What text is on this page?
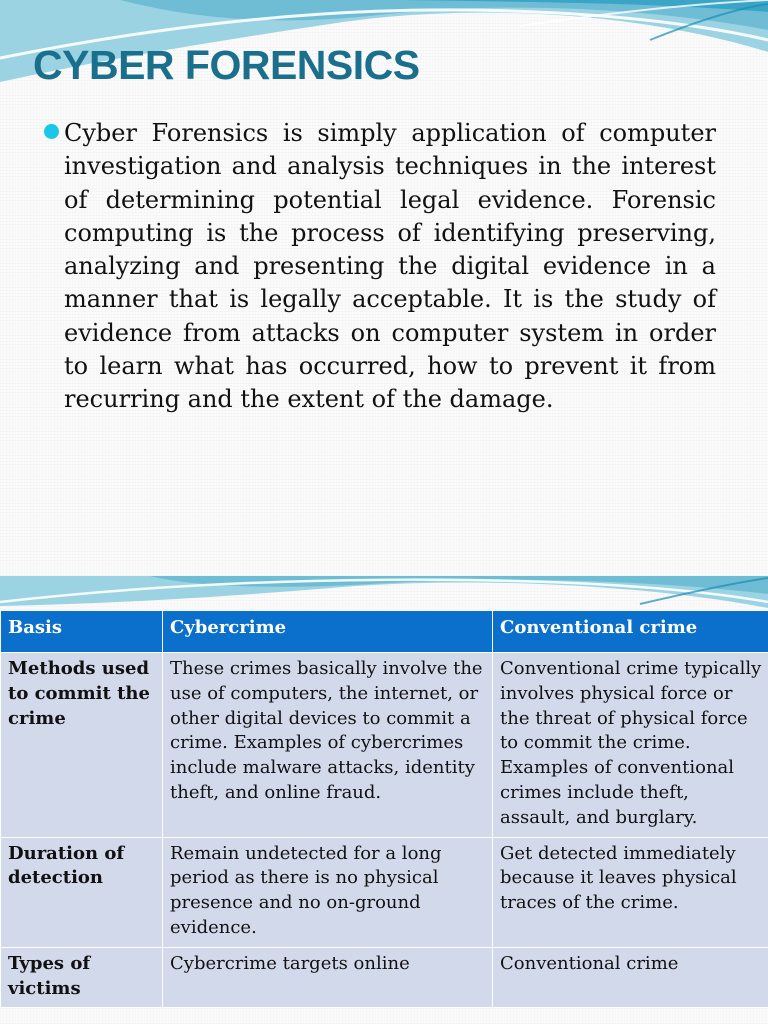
CYBER FORENSICS

Cyber Forensics is simply application of computer investigation and analysis techniques in the interest of determining potential legal evidence. Forensic computing is the process of identifying preserving, analyzing and presenting the digital evidence in a manner that is legally acceptable. It is the study of evidence from attacks on computer system in order to learn what has occurred, how to prevent it from recurring and the extent of the damage.

Basis	Cybercrime	Conventional crime
Methods used to commit the crime	These crimes basically involve the use of computers, the internet, or other digital devices to commit a crime. Examples of cybercrimes include malware attacks, identity theft, and online fraud.	Conventional crime typically involves physical force or the threat of physical force to commit the crime. Examples of conventional crimes include theft, assault, and burglary.
Duration of detection	Remain undetected for a long period as there is no physical presence and no on-ground evidence.	Get detected immediately because it leaves physical traces of the crime.
Types of victims	Cybercrime targets online	Conventional crime
